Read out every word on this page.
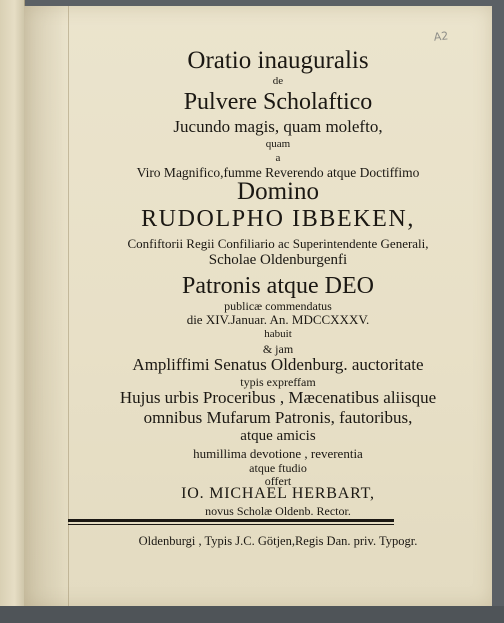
A2
Oratio inauguralis
de
Pulvere Scholaftico
Jucundo magis, quam molefto,
quam
a
Viro Magnifico,fumme Reverendo atque Doctiffimo
Domino
RUDOLPHO IBBEKEN,
Confiftorii Regii Confiliario ac Superintendente Generali,
Scholae Oldenburgenfi
Patronis atque DEO
publicæ commendatus
die XIV.Januar. An. MDCCXXXV.
habuit
& jam
Ampliffimi Senatus Oldenburg. auctoritate
typis expreffam
Hujus urbis Proceribus , Mæcenatibus aliisque
omnibus Mufarum Patronis, fautoribus,
atque amicis
humillima devotione , reverentia
atque ftudio
offert
IO. MICHAEL HERBART,
novus Scholæ Oldenb. Rector.
Oldenburgi , Typis J.C. Götjen,Regis Dan. priv. Typogr.
